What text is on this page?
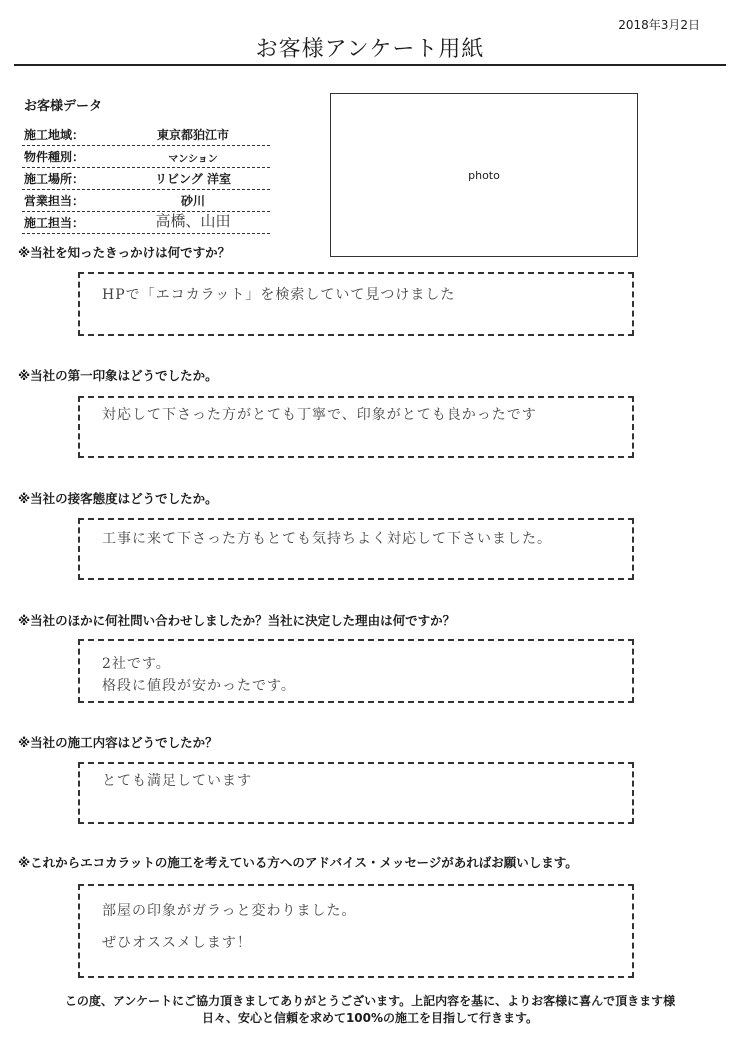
2018年3月2日
お客様アンケート用紙
お客様データ
施工地域：	東京都狛江市
物件種別：	マンション
施工場所：	リビング 洋室
営業担当：	砂川
施工担当：	高橋、山田
photo
※当社を知ったきっかけは何ですか？
HPで「エコカラット」を検索していて見つけました
※当社の第一印象はどうでしたか。
対応して下さった方がとても丁寧で、印象がとても良かったです
※当社の接客態度はどうでしたか。
工事に来て下さった方もとても気持ちよく対応して下さいました。
※当社のほかに何社問い合わせしましたか？当社に決定した理由は何ですか？
2社です。
格段に値段が安かったです。
※当社の施工内容はどうでしたか？
とても満足しています
※これからエコカラットの施工を考えている方へのアドバイス・メッセージがあればお願いします。
部屋の印象がガラっと変わりました。
ぜひオススメします！
この度、アンケートにご協力頂きましてありがとうございます。上記内容を基に、よりお客様に喜んで頂きます様
日々、安心と信頼を求めて100%の施工を目指して行きます。
